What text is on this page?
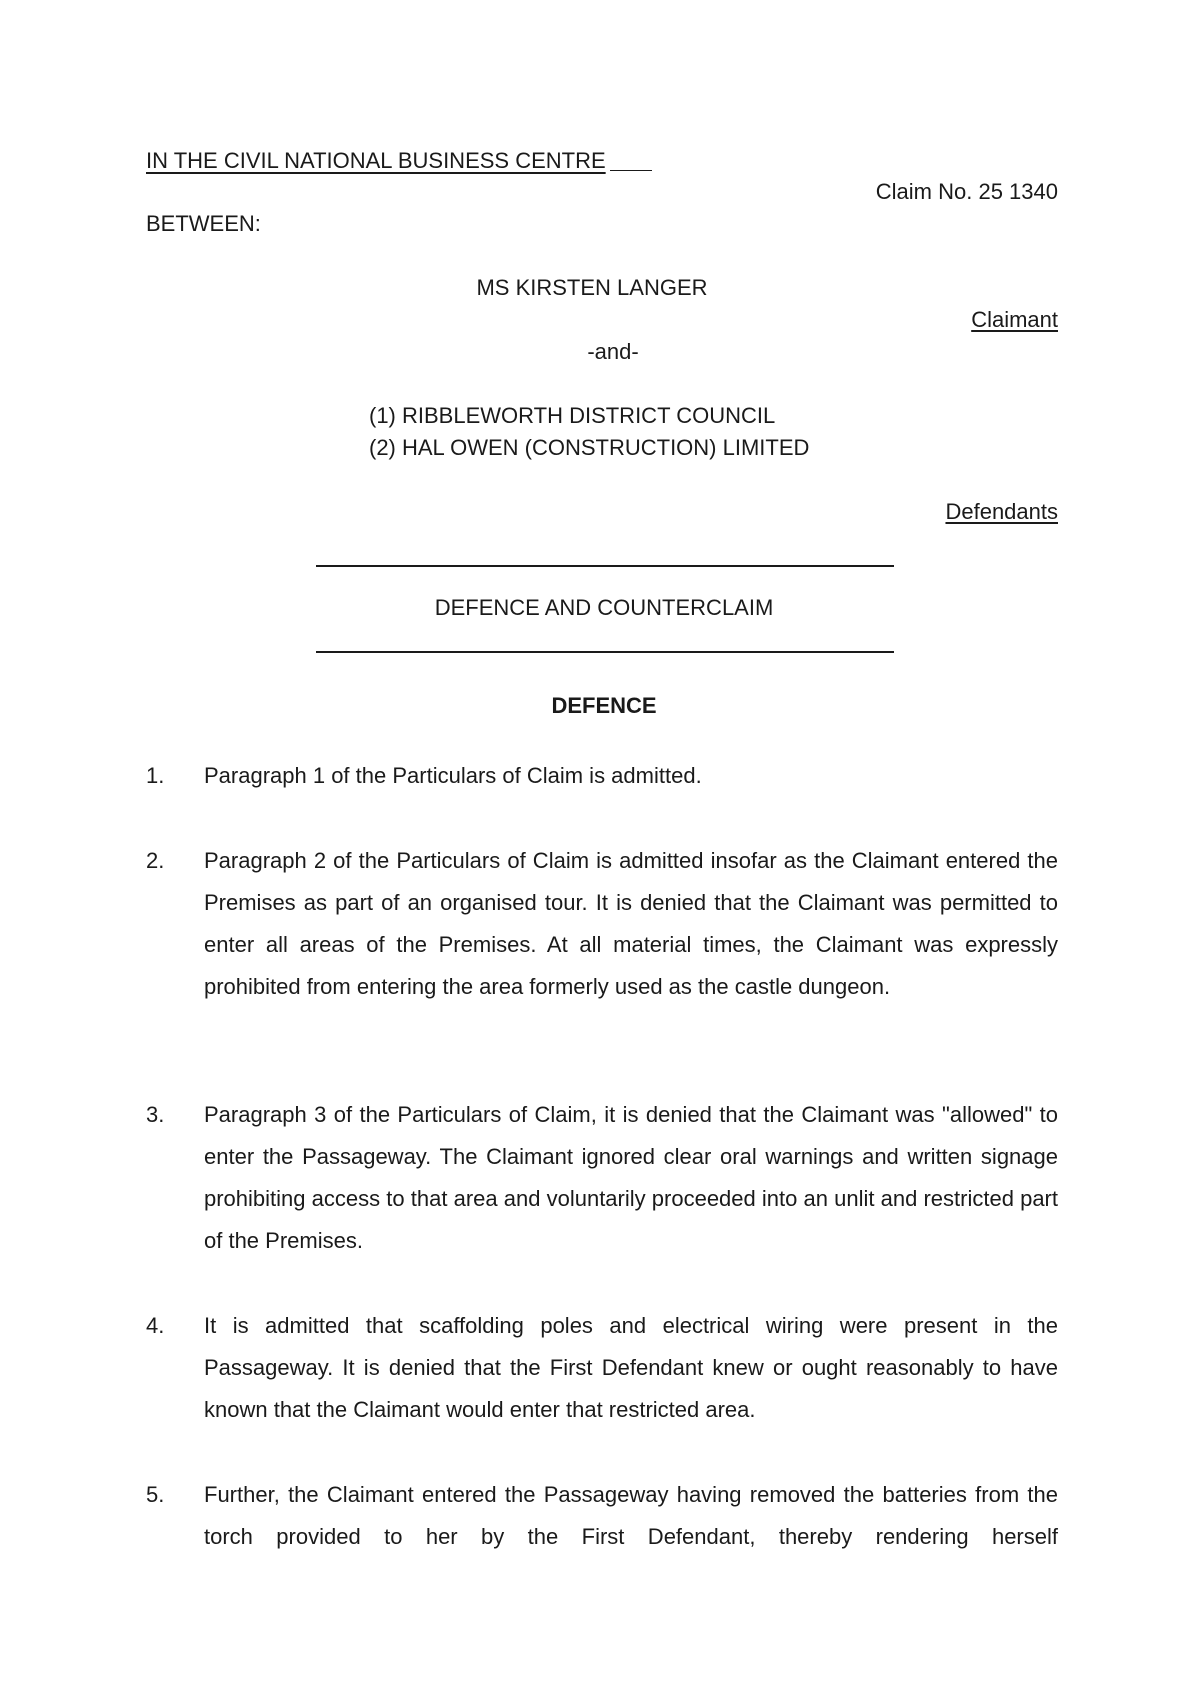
IN THE CIVIL NATIONAL BUSINESS CENTRE
Claim No. 25 1340
BETWEEN:
MS KIRSTEN LANGER
Claimant
-and-
(1) RIBBLEWORTH DISTRICT COUNCIL
(2) HAL OWEN (CONSTRUCTION) LIMITED
Defendants
DEFENCE AND COUNTERCLAIM
DEFENCE
1.	Paragraph 1 of the Particulars of Claim is admitted.
2.	Paragraph 2 of the Particulars of Claim is admitted insofar as the Claimant entered the Premises as part of an organised tour. It is denied that the Claimant was permitted to enter all areas of the Premises. At all material times, the Claimant was expressly prohibited from entering the area formerly used as the castle dungeon.
3.	Paragraph 3 of the Particulars of Claim, it is denied that the Claimant was "allowed" to enter the Passageway. The Claimant ignored clear oral warnings and written signage prohibiting access to that area and voluntarily proceeded into an unlit and restricted part of the Premises.
4.	It is admitted that scaffolding poles and electrical wiring were present in the Passageway. It is denied that the First Defendant knew or ought reasonably to have known that the Claimant would enter that restricted area.
5.	Further, the Claimant entered the Passageway having removed the batteries from the torch provided to her by the First Defendant, thereby rendering herself
